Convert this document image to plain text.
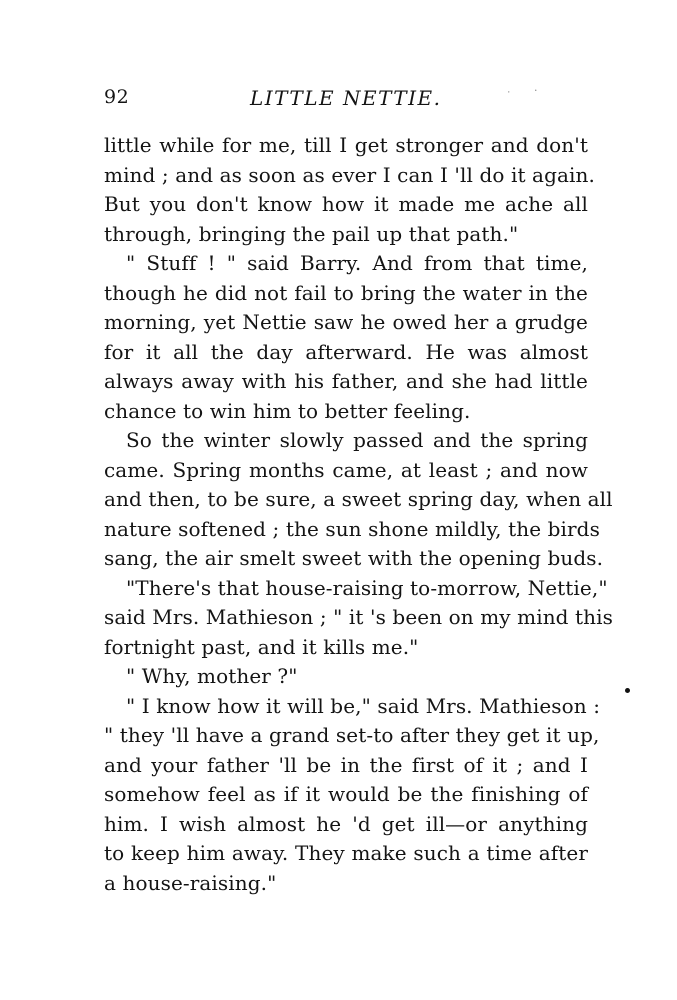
92	LITTLE NETTIE.	˙ ·
little while for me, till I get stronger and don't
mind ; and as soon as ever I can I 'll do it again.
But you don't know how it made me ache all
through, bringing the pail up that path."
" Stuff ! " said Barry. And from that time,
though he did not fail to bring the water in the
morning, yet Nettie saw he owed her a grudge
for it all the day afterward. He was almost
always away with his father, and she had little
chance to win him to better feeling.
So the winter slowly passed and the spring
came. Spring months came, at least ; and now
and then, to be sure, a sweet spring day, when all
nature softened ; the sun shone mildly, the birds
sang, the air smelt sweet with the opening buds.
"There's that house-raising to-morrow, Nettie,"
said Mrs. Mathieson ; " it 's been on my mind this
fortnight past, and it kills me."
" Why, mother ?"
" I know how it will be," said Mrs. Mathieson :
" they 'll have a grand set-to after they get it up,
and your father 'll be in the first of it ; and I
somehow feel as if it would be the finishing of
him. I wish almost he 'd get ill—or anything
to keep him away. They make such a time after
a house-raising."
